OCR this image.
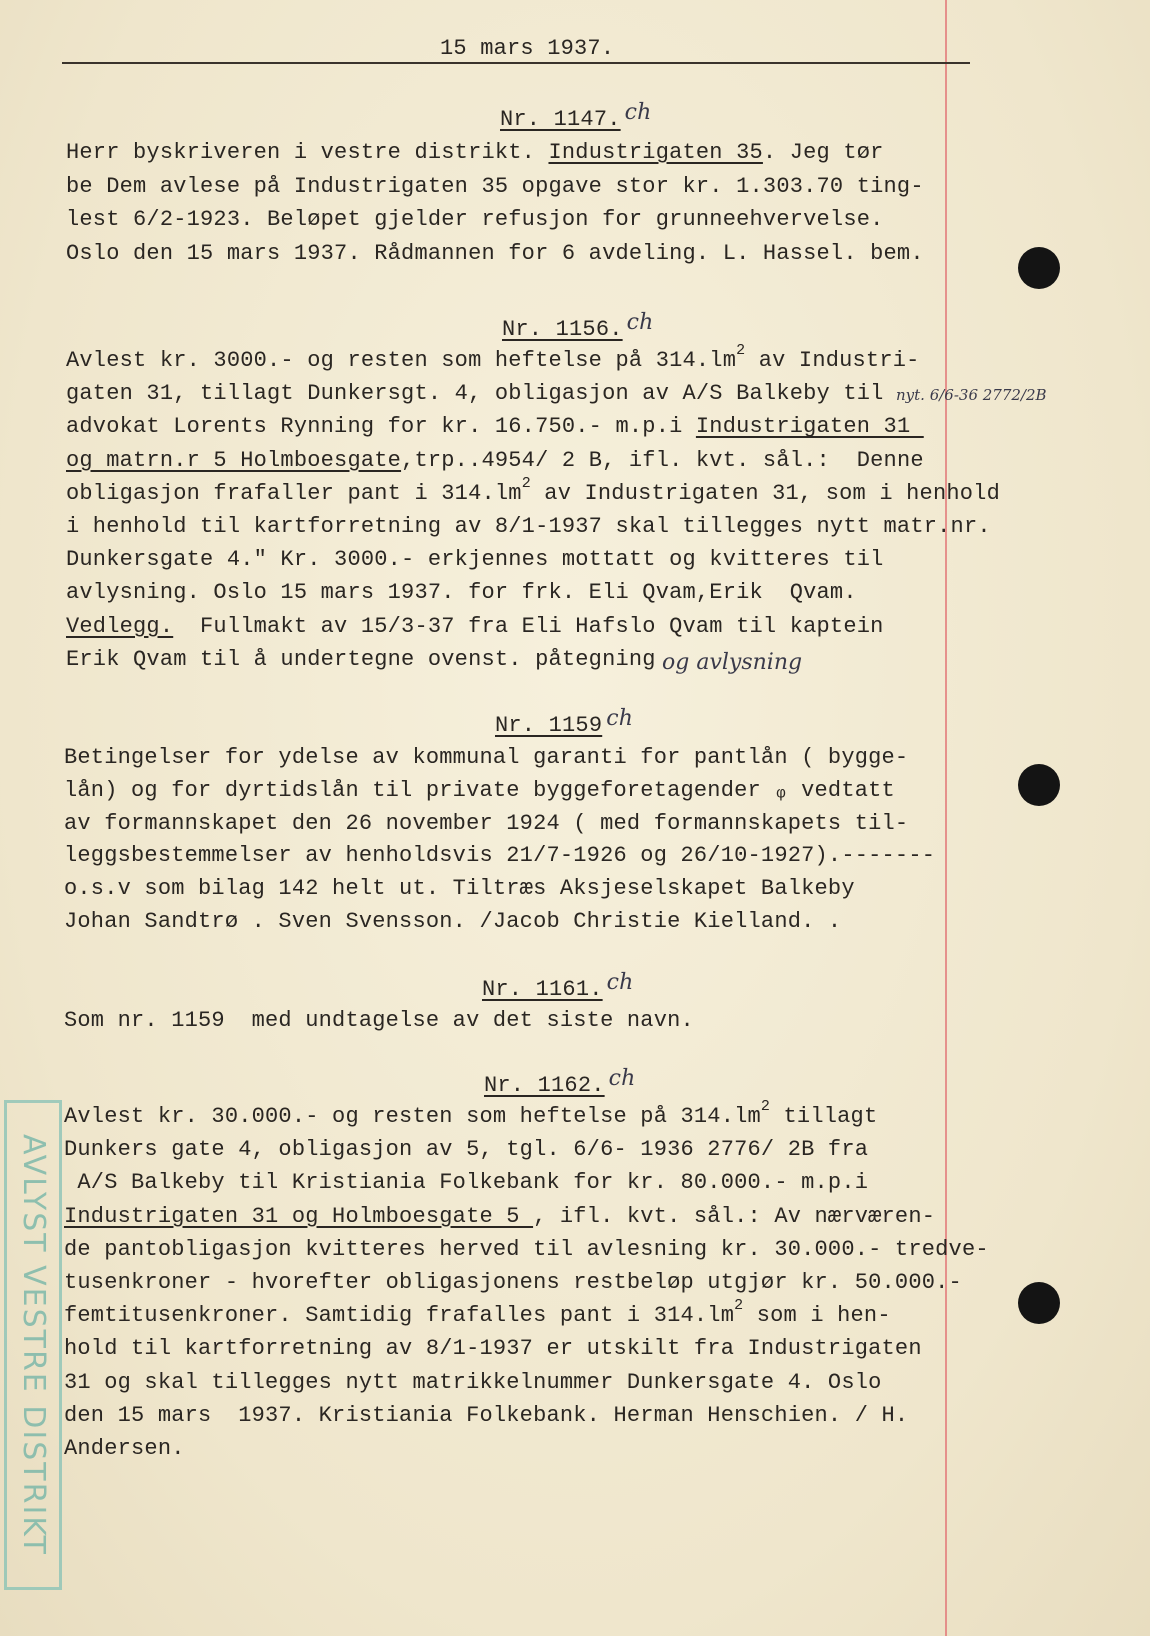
15 mars 1937.
AVLYST VESTRE DISTRIKT
Nr. 1147. ch
Herr byskriveren i vestre distrikt. Industrigaten 35. Jeg tør
be Dem avlese på Industrigaten 35 opgave stor kr. 1.303.70 ting-
lest 6/2-1923. Beløpet gjelder refusjon for grunneehvervelse.
Oslo den 15 mars 1937. Rådmannen for 6 avdeling. L. Hassel. bem.
Nr. 1156. ch
Avlest kr. 3000.- og resten som heftelse på $314.lm^2$ av Industri-
gaten 31, tillagt Dunkersgt. 4, obligasjon av A/S Balkeby til
advokat Lorents Rynning for kr. 16.750.- m.p.i Industrigaten 31
og matrn.r 5 Holmboesgate,trp..4954/ 2 B, ifl. kvt. sål.:  Denne
obligasjon frafaller pant i $314.lm^2$ av Industrigaten 31, som i henhold
i henhold til kartforretning av 8/1-1937 skal tillegges nytt matr.nr.
Dunkersgate 4." Kr. 3000.- erkjennes mottatt og kvitteres til
avlysning. Oslo 15 mars 1937. for frk. Eli Qvam,Erik  Qvam.
Vedlegg.  Fullmakt av 15/3-37 fra Eli Hafslo Qvam til kaptein
Erik Qvam til å undertegne ovenst. påtegning
Nr. 1159 ch
Betingelser for ydelse av kommunal garanti for pantlån ( bygge-
lån) og for dyrtidslån til private byggeforetagender ᵩ vedtatt
av formannskapet den 26 november 1924 ( med formannskapets til-
leggsbestemmelser av henholdsvis 21/7-1926 og 26/10-1927).-------
o.s.v som bilag 142 helt ut. Tiltræs Aksjeselskapet Balkeby
Johan Sandtrø . Sven Svensson. /Jacob Christie Kielland. .
Nr. 1161. ch
Som nr. 1159  med undtagelse av det siste navn.
Nr. 1162. ch
Avlest kr. 30.000.- og resten som heftelse på $314.lm^2$ tillagt
Dunkers gate 4, obligasjon av 5, tgl. 6/6- 1936 2776/ 2B fra
A/S Balkeby til Kristiania Folkebank for kr. 80.000.- m.p.i
Industrigaten 31 og Holmboesgate 5 , ifl. kvt. sål.: Av nærværen-
de pantobligasjon kvitteres herved til avlesning kr. 30.000.- tredve-
tusenkroner - hvorefter obligasjonens restbeløp utgjør kr. 50.000.-
femtitusenkroner. Samtidig frafalles pant i $314.lm^2$ som i hen-
hold til kartforretning av 8/1-1937 er utskilt fra Industrigaten
31 og skal tillegges nytt matrikkelnummer Dunkersgate 4. Oslo
den 15 mars  1937. Kristiania Folkebank. Herman Henschien. / H.
Andersen.
nyt. 6/6-36 2772/2B
og avlysning
